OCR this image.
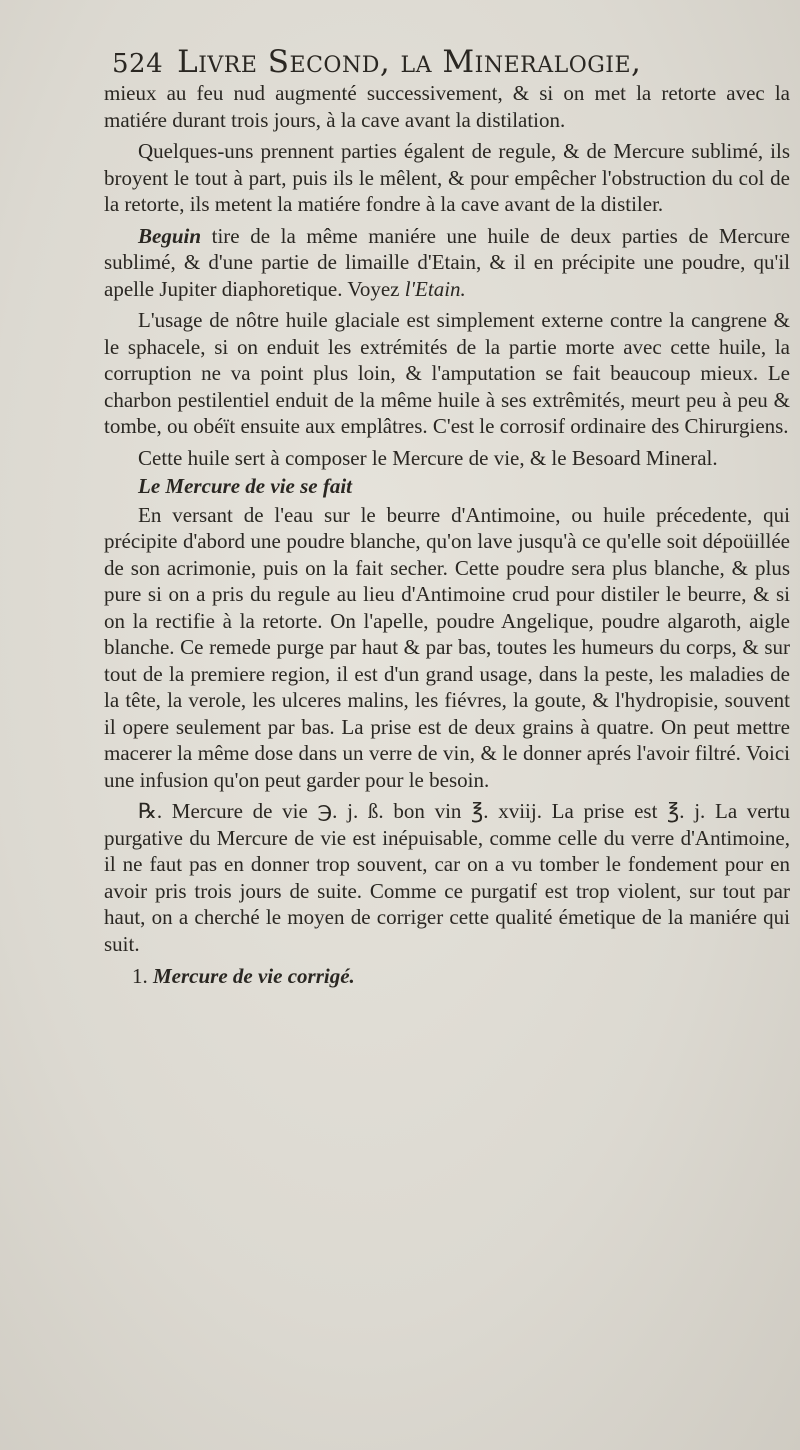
524 Livre Second, la Mineralogie,

mieux au feu nud augmenté successivement, & si on met la retorte avec la matiére durant trois jours, à la cave avant la distilation.

Quelques-uns prennent parties égalent de regule, & de Mercure sublimé, ils broyent le tout à part, puis ils le mêlent, & pour empêcher l'obstruction du col de la retorte, ils metent la matiére fondre à la cave avant de la distiler.

Beguin tire de la même maniére une huile de deux parties de Mercure sublimé, & d'une partie de limaille d'Etain, & il en précipite une poudre, qu'il apelle Jupiter diaphoretique. Voyez l'Etain.

L'usage de nôtre huile glaciale est simplement externe contre la cangrene & le sphacele, si on enduit les extrémités de la partie morte avec cette huile, la corruption ne va point plus loin, & l'amputation se fait beaucoup mieux. Le charbon pestilentiel enduit de la même huile à ses extrêmités, meurt peu à peu & tombe, ou obéït ensuite aux emplâtres. C'est le corrosif ordinaire des Chirurgiens.

Cette huile sert à composer le Mercure de vie, & le Besoard Mineral.

Le Mercure de vie se fait

En versant de l'eau sur le beurre d'Antimoine, ou huile précedente, qui précipite d'abord une poudre blanche, qu'on lave jusqu'à ce qu'elle soit dépoüillée de son acrimonie, puis on la fait secher. Cette poudre sera plus blanche, & plus pure si on a pris du regule au lieu d'Antimoine crud pour distiler le beurre, & si on la rectifie à la retorte. On l'apelle, poudre Angelique, poudre algaroth, aigle blanche. Ce remede purge par haut & par bas, toutes les humeurs du corps, & sur tout de la premiere region, il est d'un grand usage, dans la peste, les maladies de la tête, la verole, les ulceres malins, les fiévres, la goute, & l'hydropisie, souvent il opere seulement par bas. La prise est de deux grains à quatre. On peut mettre macerer la même dose dans un verre de vin, & le donner aprés l'avoir filtré. Voici une infusion qu'on peut garder pour le besoin.

℞. Mercure de vie ℈. j. ß. bon vin ℥. xviij. La prise est ℥. j. La vertu purgative du Mercure de vie est inépuisable, comme celle du verre d'Antimoine, il ne faut pas en donner trop souvent, car on a vu tomber le fondement pour en avoir pris trois jours de suite. Comme ce purgatif est trop violent, sur tout par haut, on a cherché le moyen de corriger cette qualité émetique de la maniére qui suit.

1. Mercure de vie corrigé.
